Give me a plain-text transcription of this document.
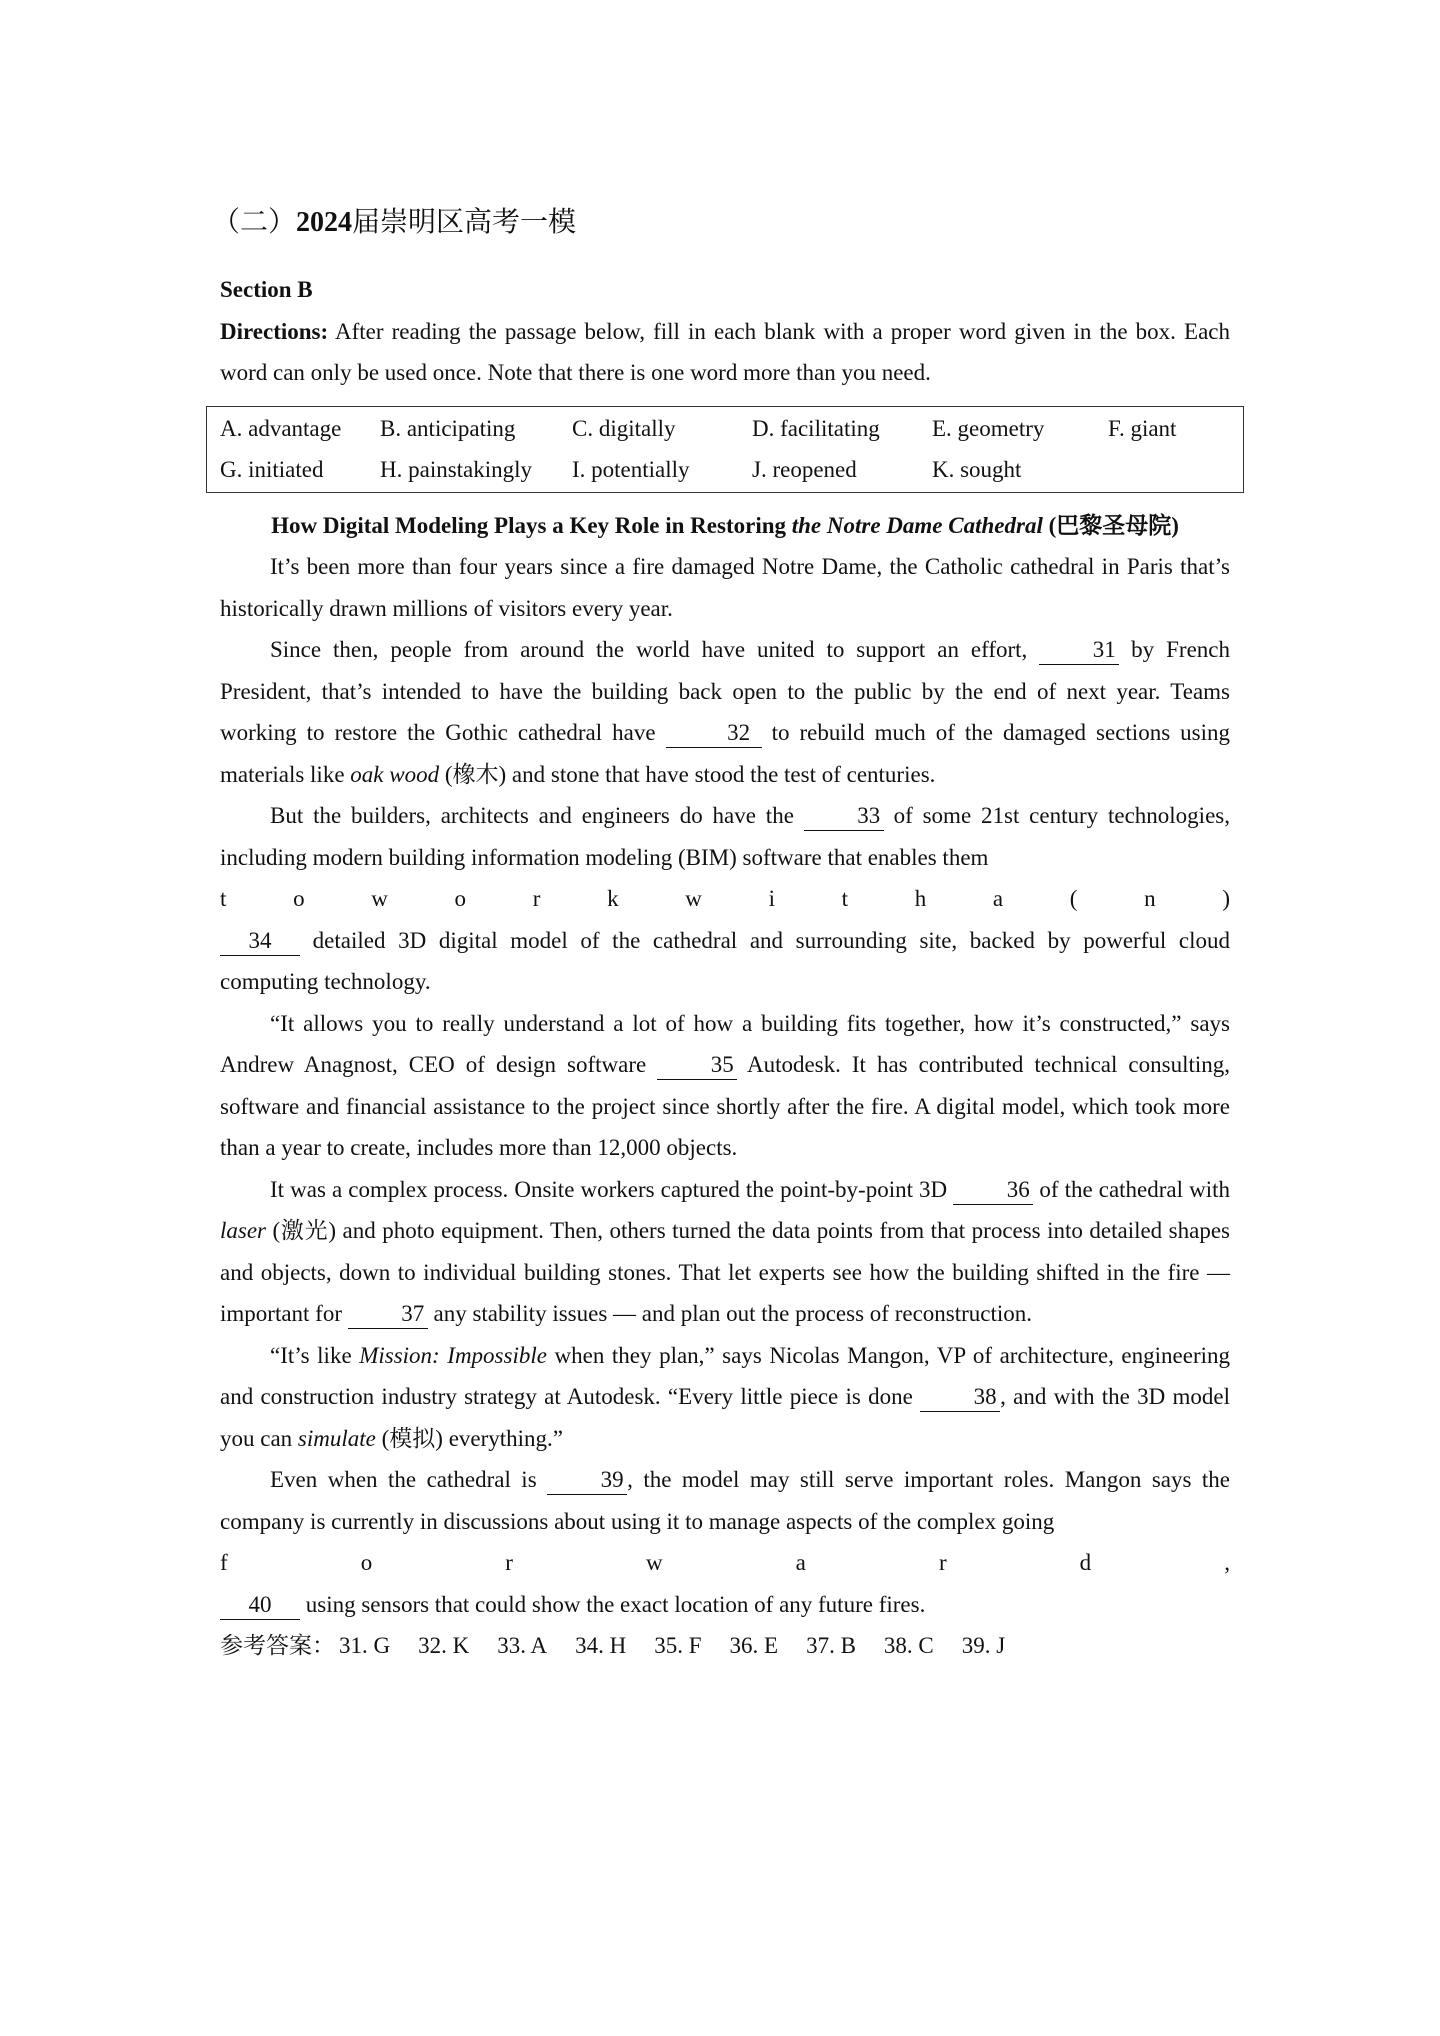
（二）2024届崇明区高考一模

Section B

Directions: After reading the passage below, fill in each blank with a proper word given in the box. Each word can only be used once. Note that there is one word more than you need.

A. advantage	B. anticipating	C. digitally	D. facilitating	E. geometry	F. giant
G. initiated	H. painstakingly	I. potentially	J. reopened	K. sought

How Digital Modeling Plays a Key Role in Restoring the Notre Dame Cathedral (巴黎圣母院)

It’s been more than four years since a fire damaged Notre Dame, the Catholic cathedral in Paris that’s historically drawn millions of visitors every year.

Since then, people from around the world have united to support an effort, 31 by French President, that’s intended to have the building back open to the public by the end of next year. Teams working to restore the Gothic cathedral have	32 to rebuild much of the damaged sections using materials like oak wood (橡木) and stone that have stood the test of centuries.

But the builders, architects and engineers do have the 33 of some 21st century technologies, including modern building information modeling (BIM) software that enables them

t o w o r k w i t h a ( n )

34 detailed 3D digital model of the cathedral and surrounding site, backed by powerful cloud computing technology.

“It allows you to really understand a lot of how a building fits together, how it’s constructed,” says Andrew Anagnost, CEO of design software 35 Autodesk. It has contributed technical consulting, software and financial assistance to the project since shortly after the fire. A digital model, which took more than a year to create, includes more than 12,000 objects.

It was a complex process. Onsite workers captured the point-by-point 3D 36 of the cathedral with laser (激光) and photo equipment. Then, others turned the data points from that process into detailed shapes and objects, down to individual building stones. That let experts see how the building shifted in the fire — important for 37 any stability issues — and plan out the process of reconstruction.

“It’s like Mission: Impossible when they plan,” says Nicolas Mangon, VP of architecture, engineering and construction industry strategy at Autodesk. “Every little piece is done 38 , and with the 3D model you can simulate (模拟) everything.”

Even when the cathedral is 39 , the model may still serve important roles. Mangon says the company is currently in discussions about using it to manage aspects of the complex going

f o r w a r d ,

40 using sensors that could show the exact location of any future fires.

参考答案： 31. G 32. K 33. A 34. H 35. F 36. E 37. B 38. C 39. J
